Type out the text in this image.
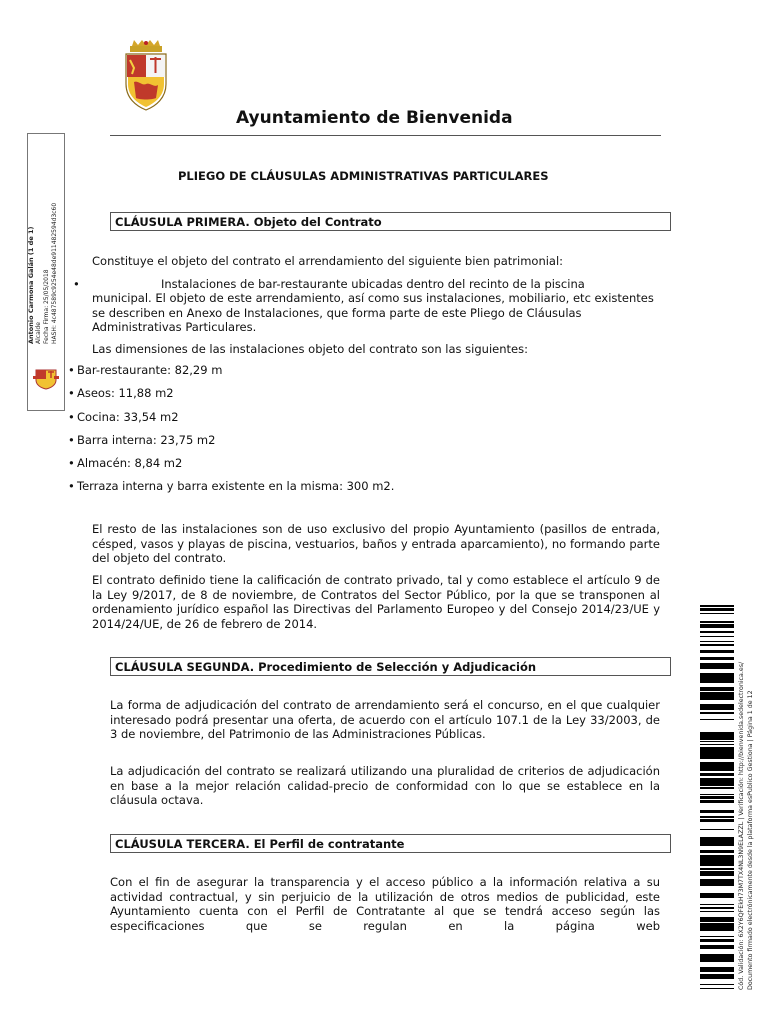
Ayuntamiento de Bienvenida
PLIEGO DE CLÁUSULAS ADMINISTRATIVAS PARTICULARES
Antonio Carmona Galán (1 de 1) Alcalde Fecha Firma: 25/05/2018 HASH: 4c487589c9254e48de911482594d3c60	CLÁUSULA PRIMERA. Objeto del Contrato
Constituye el objeto del contrato el arrendamiento del siguiente bien patrimonial:
•	Instalaciones de bar-restaurante ubicadas dentro del recinto de la piscina
municipal. El objeto de este arrendamiento, así como sus instalaciones, mobiliario, etc existentes se describen en Anexo de Instalaciones, que forma parte de este Pliego de Cláusulas Administrativas Particulares.
Las dimensiones de las instalaciones objeto del contrato son las siguientes:
• Bar-restaurante: 82,29 m
• Aseos: 11,88 m2
• Cocina: 33,54 m2
• Barra interna: 23,75 m2
• Almacén: 8,84 m2
• Terraza interna y barra existente en la misma: 300 m2.
El resto de las instalaciones son de uso exclusivo del propio Ayuntamiento (pasillos de entrada, césped, vasos y playas de piscina, vestuarios, baños y entrada aparcamiento), no formando parte del objeto del contrato.
El contrato definido tiene la calificación de contrato privado, tal y como establece el artículo 9 de la Ley 9/2017, de 8 de noviembre, de Contratos del Sector Público, por la que se transponen al ordenamiento jurídico español las Directivas del Parlamento Europeo y del Consejo 2014/23/UE y 2014/24/UE, de 26 de febrero de 2014.
CLÁUSULA SEGUNDA. Procedimiento de Selección y Adjudicación
La forma de adjudicación del contrato de arrendamiento será el concurso, en el que cualquier interesado podrá presentar una oferta, de acuerdo con el artículo 107.1 de la Ley 33/2003, de 3 de noviembre, del Patrimonio de las Administraciones Públicas.
La adjudicación del contrato se realizará utilizando una pluralidad de criterios de adjudicación en base a la mejor relación calidad-precio de conformidad con lo que se establece en la cláusula octava.
CLÁUSULA TERCERA. El Perfil de contratante
Con el fin de asegurar la transparencia y el acceso público a la información relativa a su actividad contractual, y sin perjuicio de la utilización de otros medios de publicidad, este Ayuntamiento cuenta con el Perfil de Contratante al que se tendrá acceso según las especificaciones que se regulan en la página web	Cód. Validación: 6X2Y6QFEkH73M7TX4NL3N9ELAZZL | Verificación: http://bienvenida.sedelectronica.es/ Documento firmado electrónicamente desde la plataforma esPublico Gestiona | Página 1 de 12
